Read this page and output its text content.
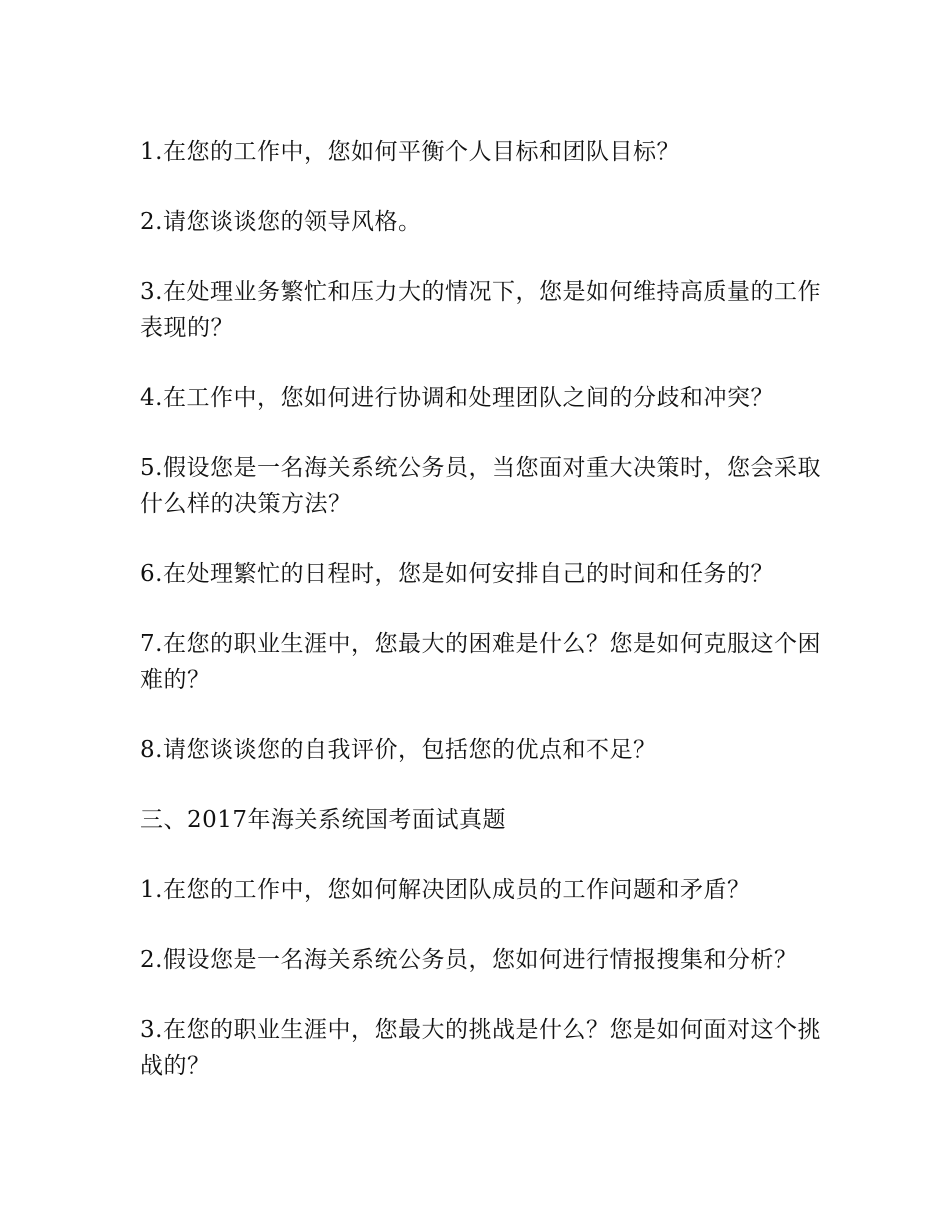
1.在您的工作中，您如何平衡个人目标和团队目标？

2.请您谈谈您的领导风格。

3.在处理业务繁忙和压力大的情况下，您是如何维持高质量的工作表现的？

4.在工作中，您如何进行协调和处理团队之间的分歧和冲突？

5.假设您是一名海关系统公务员，当您面对重大决策时，您会采取什么样的决策方法？

6.在处理繁忙的日程时，您是如何安排自己的时间和任务的？

7.在您的职业生涯中，您最大的困难是什么？您是如何克服这个困难的？

8.请您谈谈您的自我评价，包括您的优点和不足？

三、2017年海关系统国考面试真题

1.在您的工作中，您如何解决团队成员的工作问题和矛盾？

2.假设您是一名海关系统公务员，您如何进行情报搜集和分析？

3.在您的职业生涯中，您最大的挑战是什么？您是如何面对这个挑战的？
